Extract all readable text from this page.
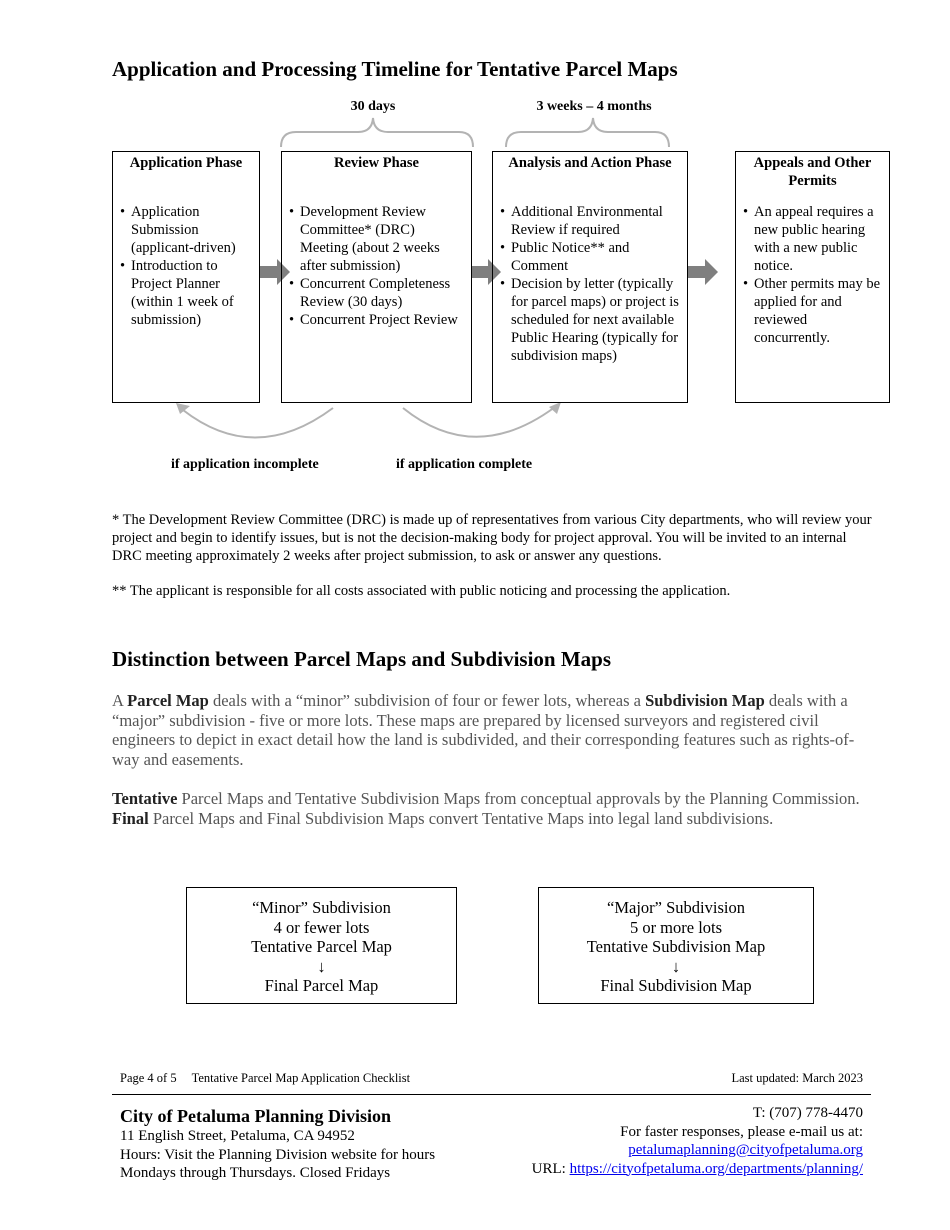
Application and Processing Timeline for Tentative Parcel Maps
30 days	3 weeks – 4 months
Application Phase
• Application Submission (applicant-driven)
• Introduction to Project Planner (within 1 week of submission)
Review Phase
• Development Review Committee* (DRC) Meeting (about 2 weeks after submission)
• Concurrent Completeness Review (30 days)
• Concurrent Project Review
Analysis and Action Phase
• Additional Environmental Review if required
• Public Notice** and Comment
• Decision by letter (typically for parcel maps) or project is scheduled for next available Public Hearing (typically for subdivision maps)
Appeals and Other Permits
• An appeal requires a new public hearing with a new public notice.
• Other permits may be applied for and reviewed concurrently.
if application incomplete	if application complete
* The Development Review Committee (DRC) is made up of representatives from various City departments, who will review your project and begin to identify issues, but is not the decision-making body for project approval. You will be invited to an internal DRC meeting approximately 2 weeks after project submission, to ask or answer any questions.
** The applicant is responsible for all costs associated with public noticing and processing the application.
Distinction between Parcel Maps and Subdivision Maps
A Parcel Map deals with a “minor” subdivision of four or fewer lots, whereas a Subdivision Map deals with a “major” subdivision - five or more lots. These maps are prepared by licensed surveyors and registered civil engineers to depict in exact detail how the land is subdivided, and their corresponding features such as rights-of-way and easements.
Tentative Parcel Maps and Tentative Subdivision Maps from conceptual approvals by the Planning Commission. Final Parcel Maps and Final Subdivision Maps convert Tentative Maps into legal land subdivisions.
“Minor” Subdivision
4 or fewer lots
Tentative Parcel Map
↓
Final Parcel Map
“Major” Subdivision
5 or more lots
Tentative Subdivision Map
↓
Final Subdivision Map
Page 4 of 5 Tentative Parcel Map Application Checklist	Last updated: March 2023
City of Petaluma Planning Division
11 English Street, Petaluma, CA 94952
Hours: Visit the Planning Division website for hours
Mondays through Thursdays. Closed Fridays
T: (707) 778-4470
For faster responses, please e-mail us at:
petalumaplanning@cityofpetaluma.org
URL: https://cityofpetaluma.org/departments/planning/
